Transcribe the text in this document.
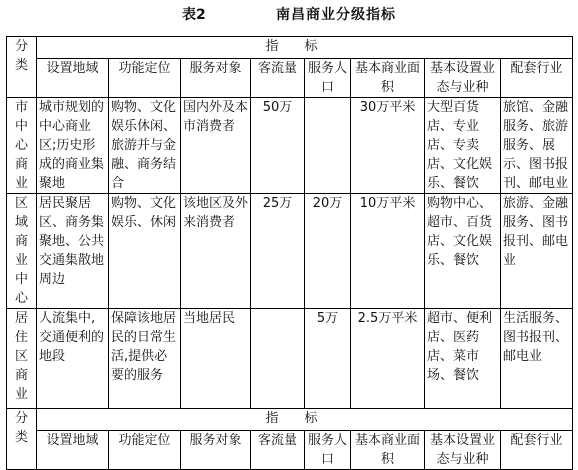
表2	南昌商业分级指标
分类	指标							
	设置地域	功能定位	服务对象	客流量	服务人口	基本商业面积	基本设置业态与业种	配套行业
市中心商业	城市规划的中心商业区;历史形成的商业集聚地	购物、文化娱乐休闲、旅游并与金融、商务结合	国内外及本市消费者	50万		30万平米	大型百货店、专业店、专卖店、文化娱乐、餐饮	旅馆、金融服务、旅游服务、展示、图书报刊、邮电业
区域商业中心	居民聚居区、商务集聚地、公共交通集散地周边	购物、文化娱乐、休闲	该地区及外来消费者	25万	20万	10万平米	购物中心、超市、百货店、文化娱乐、餐饮	旅游、金融服务、图书报刊、邮电业
居住区商业	人流集中,交通便利的地段	保障该地居民的日常生活,提供必要的服务	当地居民		5万	2.5万平米	超市、便利店、医药店、菜市场、餐饮	生活服务、图书报刊、邮电业
分类	指标							
	设置地域	功能定位	服务对象	客流量	服务人口	基本商业面积	基本设置业态与业种	配套行业
